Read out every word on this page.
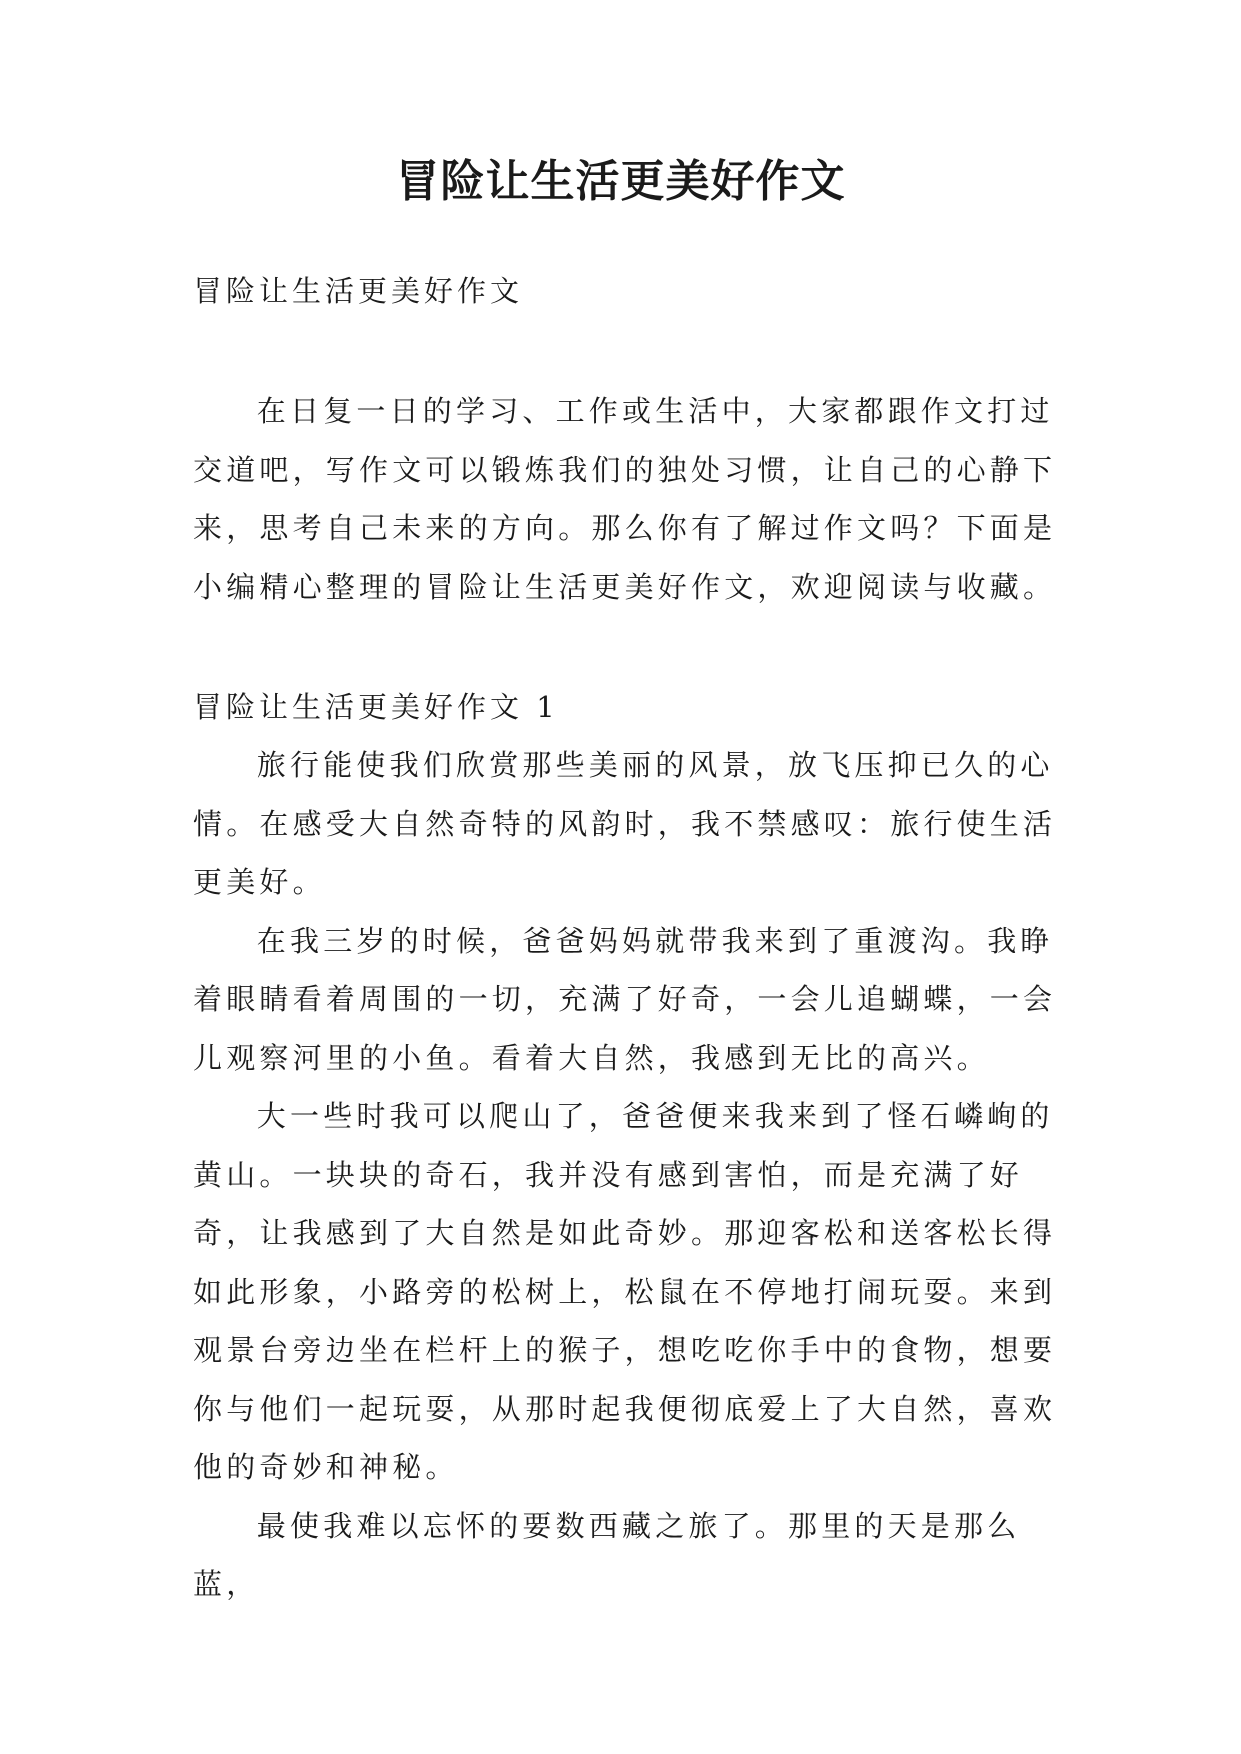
冒险让生活更美好作文

冒险让生活更美好作文

在日复一日的学习、工作或生活中，大家都跟作文打过交道吧，写作文可以锻炼我们的独处习惯，让自己的心静下来，思考自己未来的方向。那么你有了解过作文吗？下面是小编精心整理的冒险让生活更美好作文，欢迎阅读与收藏。

冒险让生活更美好作文 1

旅行能使我们欣赏那些美丽的风景，放飞压抑已久的心情。在感受大自然奇特的风韵时，我不禁感叹：旅行使生活更美好。

在我三岁的时候，爸爸妈妈就带我来到了重渡沟。我睁着眼睛看着周围的一切，充满了好奇，一会儿追蝴蝶，一会儿观察河里的小鱼。看着大自然，我感到无比的高兴。

大一些时我可以爬山了，爸爸便来我来到了怪石嶙峋的黄山。一块块的奇石，我并没有感到害怕，而是充满了好奇，让我感到了大自然是如此奇妙。那迎客松和送客松长得如此形象，小路旁的松树上，松鼠在不停地打闹玩耍。来到观景台旁边坐在栏杆上的猴子，想吃吃你手中的食物，想要你与他们一起玩耍，从那时起我便彻底爱上了大自然，喜欢他的奇妙和神秘。

最使我难以忘怀的要数西藏之旅了。那里的天是那么蓝，
